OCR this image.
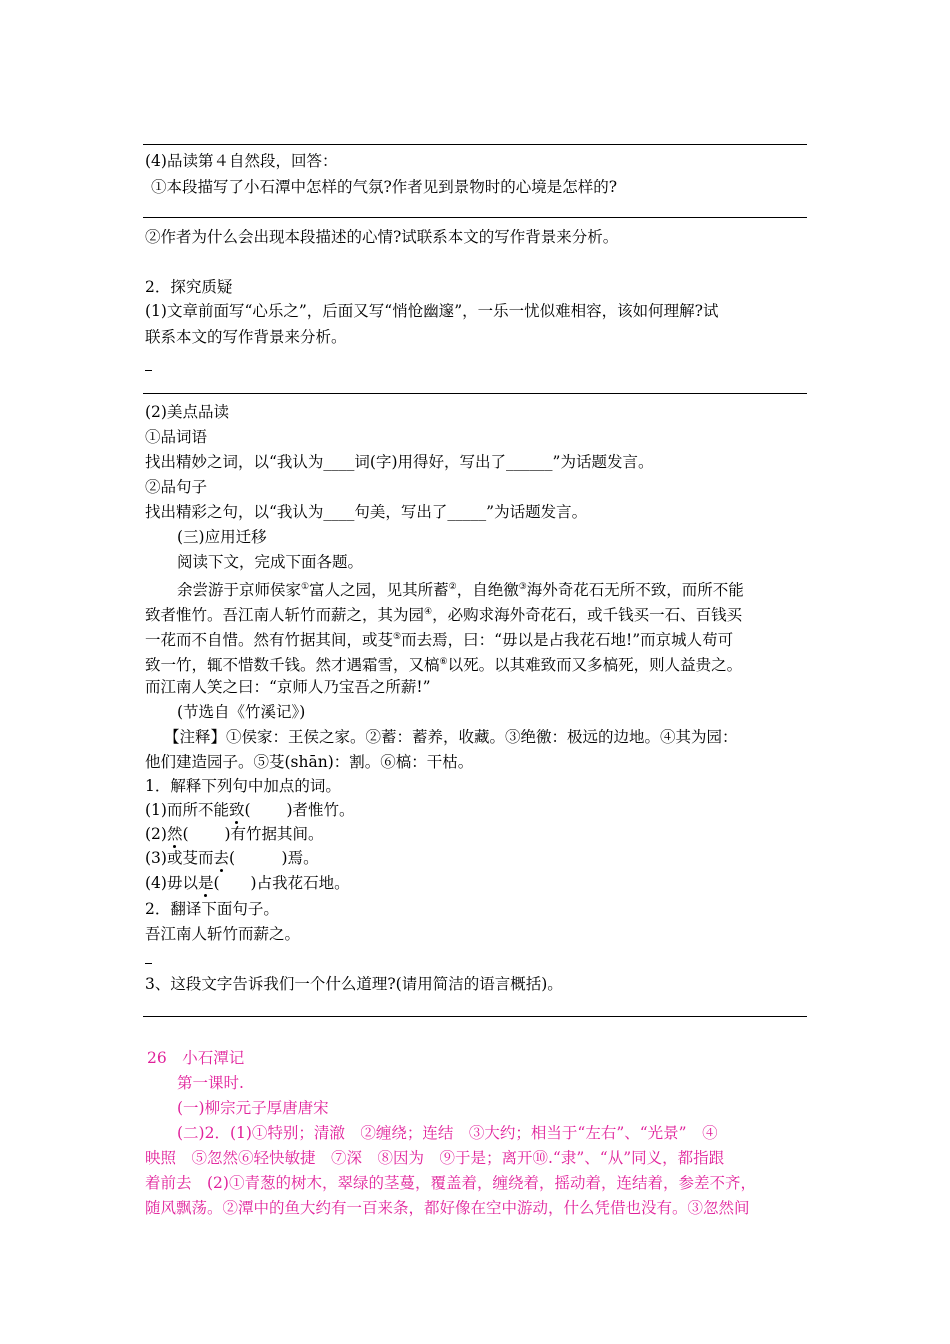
(4)品读第４自然段，回答：
①本段描写了小石潭中怎样的气氛?作者见到景物时的心境是怎样的?
②作者为什么会出现本段描述的心情?试联系本文的写作背景来分析。
2．探究质疑
(1)文章前面写“心乐之”，后面又写“悄怆幽邃”，一乐一忧似难相容，该如何理解?试
联系本文的写作背景来分析。
(2)美点品读
①品词语
找出精妙之词，以“我认为____词(字)用得好，写出了______”为话题发言。
②品句子
找出精彩之句，以“我认为____句美，写出了_____”为话题发言。
(三)应用迁移
阅读下文，完成下面各题。
余尝游于京师侯家①富人之园，见其所蓄②，自绝徼③海外奇花石无所不致，而所不能
致者惟竹。吾江南人斩竹而薪之，其为园④，必购求海外奇花石，或千钱买一石、百钱买
一花而不自惜。然有竹据其间，或芟⑤而去焉，曰：“毋以是占我花石地!”而京城人苟可
致一竹，辄不惜数千钱。然才遇霜雪，又槁⑥以死。以其难致而又多槁死，则人益贵之。
而江南人笑之曰：“京师人乃宝吾之所薪!”
(节选自《竹溪记》)
【注释】①侯家：王侯之家。②蓄：蓄养，收藏。③绝徼：极远的边地。④其为园：
他们建造园子。⑤芟(shān)：割。⑥槁：干枯。
1．解释下列句中加点的词。
(1)而所不能致(　　 )者惟竹。
(2)然(　　 )有竹据其间。
(3)或芟而去(　　　)焉。
(4)毋以是(　　)占我花石地。
2．翻译下面句子。
吾江南人斩竹而薪之。
3、这段文字告诉我们一个什么道理?(请用简洁的语言概括)。
26　小石潭记
第一课时.
(一)柳宗元子厚唐唐宋
(二)2．(1)①特别；清澈　②缠绕；连结　③大约；相当于“左右”、“光景”　④
映照　⑤忽然⑥轻快敏捷　⑦深　⑧因为　⑨于是；离开⑩.“隶”、“从”同义，都指跟
着前去　(2)①青葱的树木，翠绿的茎蔓，覆盖着，缠绕着，摇动着，连结着，参差不齐，
随风飘荡。②潭中的鱼大约有一百来条，都好像在空中游动，什么凭借也没有。③忽然间
